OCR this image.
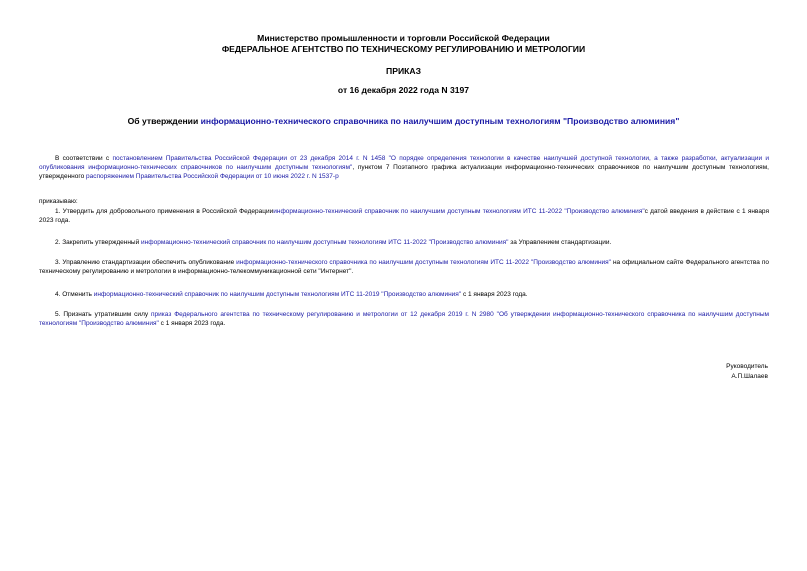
Министерство промышленности и торговли Российской Федерации
ФЕДЕРАЛЬНОЕ АГЕНТСТВО ПО ТЕХНИЧЕСКОМУ РЕГУЛИРОВАНИЮ И МЕТРОЛОГИИ
ПРИКАЗ
от 16 декабря 2022 года N 3197
Об утверждении информационно-технического справочника по наилучшим доступным технологиям "Производство алюминия"
В соответствии с постановлением Правительства Российской Федерации от 23 декабря 2014 г. N 1458 "О порядке определения технологии в качестве наилучшей доступной технологии, а также разработки, актуализации и опубликования информационно-технических справочников по наилучшим доступным технологиям", пунктом 7 Поэтапного графика актуализации информационно-технических справочников по наилучшим доступным технологиям, утвержденного распоряжением Правительства Российской Федерации от 10 июня 2022 г. N 1537-р
приказываю:
1. Утвердить для добровольного применения в Российской Федерацииинформационно-технический справочник по наилучшим доступным технологиям ИТС 11-2022 "Производство алюминия"с датой введения в действие с 1 января 2023 года.
2. Закрепить утвержденный информационно-технический справочник по наилучшим доступным технологиям ИТС 11-2022 "Производство алюминия" за Управлением стандартизации.
3. Управлению стандартизации обеспечить опубликование информационно-технического справочника по наилучшим доступным технологиям ИТС 11-2022 "Производство алюминия" на официальном сайте Федерального агентства по техническому регулированию и метрологии в информационно-телекоммуникационной сети "Интернет".
4. Отменить информационно-технический справочник по наилучшим доступным технологиям ИТС 11-2019 "Производство алюминия" с 1 января 2023 года.
5. Признать утратившим силу приказ Федерального агентства по техническому регулированию и метрологии от 12 декабря 2019 г. N 2980 "Об утверждении информационно-технического справочника по наилучшим доступным технологиям "Производство алюминия" с 1 января 2023 года.
Руководитель
А.П.Шалаев
